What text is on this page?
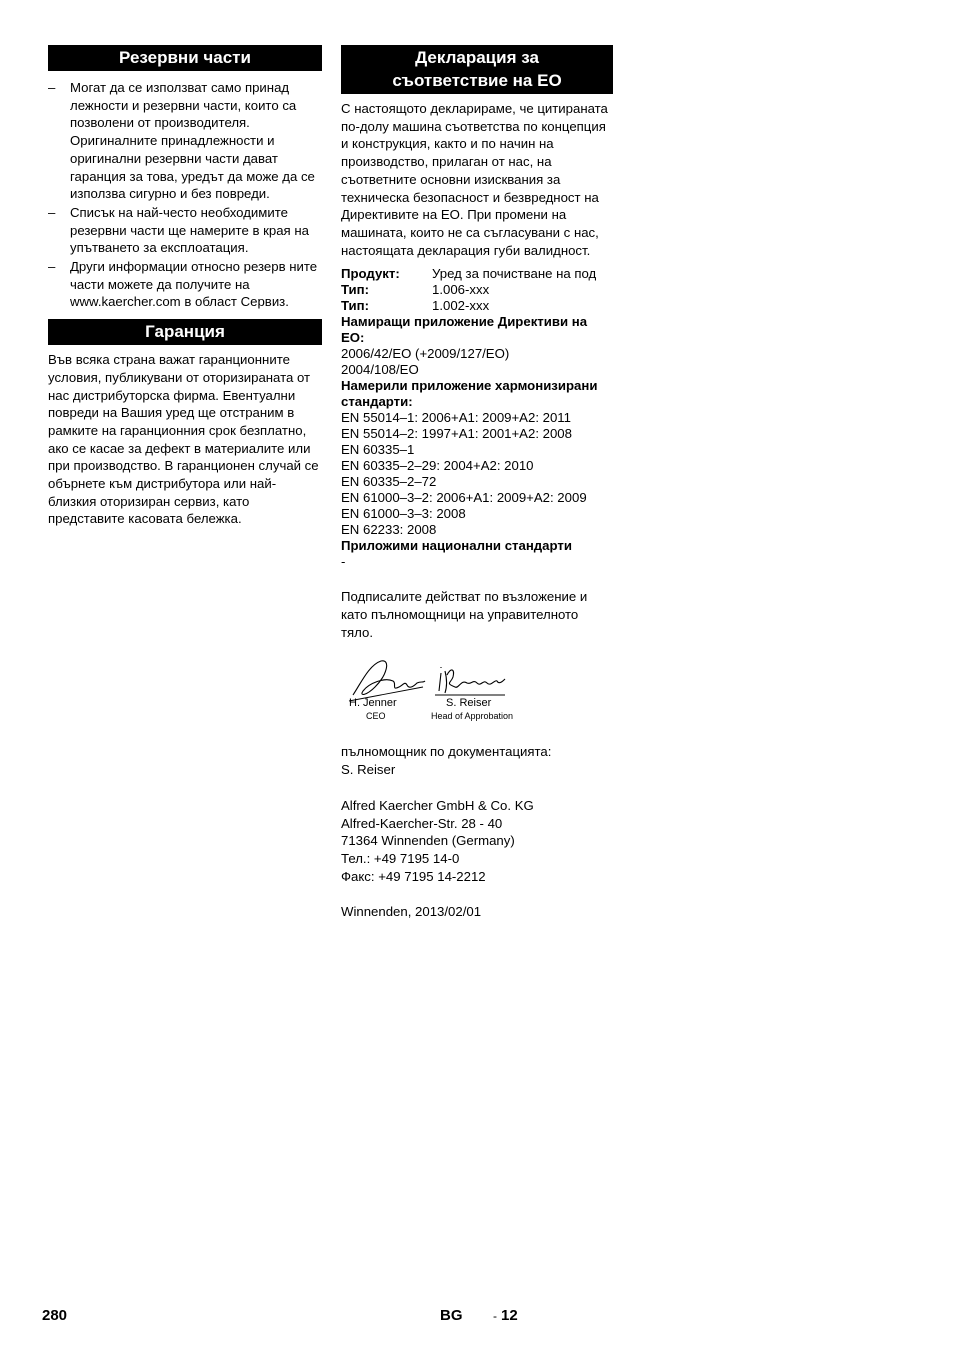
Резервни части
– Могат да се използват само принад лежности и резервни части, които са позволени от производителя. Оригиналните принадлежности и оригинални резервни части дават гаранция за това, уредът да може да се използва сигурно и без повреди.
– Списък на най-често необходимите резервни части ще намерите в края на упътването за експлоатация.
– Други информации относно резерв ните части можете да получите на www.kaercher.com в област Сервиз.
Гаранция

Във всяка страна важат гаранционните условия, публикувани от оторизираната от нас дистрибуторска фирма. Евентуални повреди на Вашия уред ще отстраним в рамките на гаранционния срок безплатно, ако се касае за дефект в материалите или при производство. В гаранционен случай се обърнете към дистрибутора или най-близкия оторизиран сервиз, като представите касовата бележка.

Декларация за
съответствие на ЕО

С настоящото декларираме, че цитираната по-долу машина съответства по концепция и конструкция, както и по начин на производство, прилаган от нас, на съответните основни изисквания за техническа безопасност и безвредност на Директивите на ЕО. При промени на машината, които не са съгласувани с нас, настоящата декларация губи валидност.

Продукт:	Уред за почистване на под
Тип:	1.006-xxx
Тип:	1.002-xxx
Намиращи приложение Директиви на ЕО:
2006/42/EO (+2009/127/EO)
2004/108/EO
Намерили приложение хармонизирани стандарти:
EN 55014–1: 2006+A1: 2009+A2: 2011
EN 55014–2: 1997+A1: 2001+A2: 2008
EN 60335–1
EN 60335–2–29: 2004+A2: 2010
EN 60335–2–72
EN 61000–3–2: 2006+A1: 2009+A2: 2009
EN 61000–3–3: 2008
EN 62233: 2008
Приложими национални стандарти
-

Подписалите действат по възложение и като пълномощници на управителното тяло.

H. Jenner
CEO
S. Reiser
Head of Approbation

пълномощник по документацията:

S. Reiser

Alfred Kaercher GmbH & Co. KG

Alfred-Kaercher-Str. 28 - 40

71364 Winnenden (Germany)

Тел.: +49 7195 14-0

Факс: +49 7195 14-2212

Winnenden, 2013/02/01

280	BG	- 12
